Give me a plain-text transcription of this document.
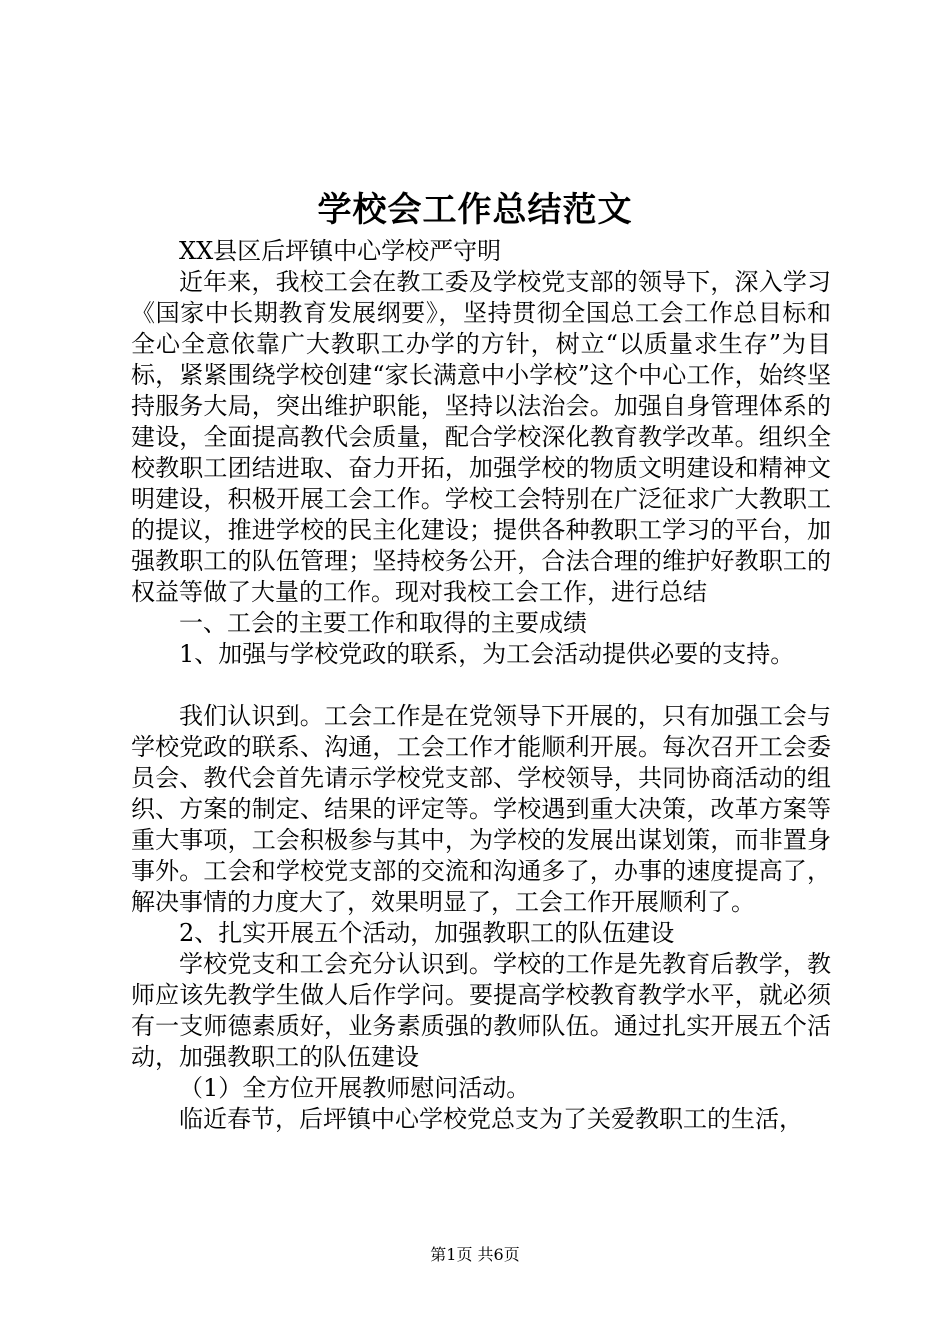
学校会工作总结范文

XX县区后坪镇中心学校严守明

近年来，我校工会在教工委及学校党支部的领导下，深入学习《国家中长期教育发展纲要》，坚持贯彻全国总工会工作总目标和全心全意依靠广大教职工办学的方针，树立“以质量求生存”为目标，紧紧围绕学校创建“家长满意中小学校”这个中心工作，始终坚持服务大局，突出维护职能，坚持以法治会。加强自身管理体系的建设，全面提高教代会质量，配合学校深化教育教学改革。组织全校教职工团结进取、奋力开拓，加强学校的物质文明建设和精神文明建设，积极开展工会工作。学校工会特别在广泛征求广大教职工的提议，推进学校的民主化建设；提供各种教职工学习的平台，加强教职工的队伍管理；坚持校务公开，合法合理的维护好教职工的权益等做了大量的工作。现对我校工会工作，进行总结

一、工会的主要工作和取得的主要成绩

1、加强与学校党政的联系，为工会活动提供必要的支持。

我们认识到。工会工作是在党领导下开展的，只有加强工会与学校党政的联系、沟通，工会工作才能顺利开展。每次召开工会委员会、教代会首先请示学校党支部、学校领导，共同协商活动的组织、方案的制定、结果的评定等。学校遇到重大决策，改革方案等重大事项，工会积极参与其中，为学校的发展出谋划策，而非置身事外。工会和学校党支部的交流和沟通多了，办事的速度提高了，解决事情的力度大了，效果明显了，工会工作开展顺利了。

2、扎实开展五个活动，加强教职工的队伍建设

学校党支和工会充分认识到。学校的工作是先教育后教学，教师应该先教学生做人后作学问。要提高学校教育教学水平，就必须有一支师德素质好，业务素质强的教师队伍。通过扎实开展五个活动，加强教职工的队伍建设

（1）全方位开展教师慰问活动。

临近春节，后坪镇中心学校党总支为了关爱教职工的生活，

第1页 共6页
